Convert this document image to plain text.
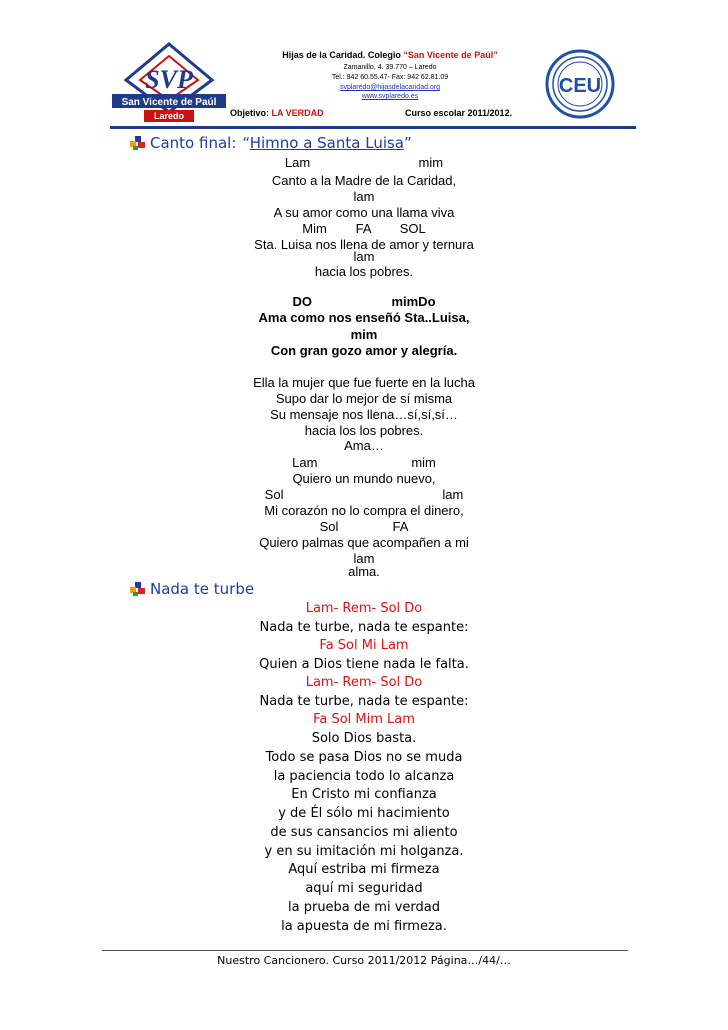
SVP
San Vicente de Paúl
Laredo
Hijas de la Caridad. Colegio “San Vicente de Paúl”
Zamanillo, 4. 39.770 – Laredo
Tel.: 942 60.55.47- Fax: 942 62.81.09
svplaredo@hijasdelacaridad.org
www.svplaredo.es
Objetivo: LA VERDAD	Curso escolar 2011/2012.
CEU
Canto final: “Himno a Santa Luisa”
Lam                              mim
Canto a la Madre de la Caridad,
lam
A su amor como una llama viva
Mim        FA        SOL
Sta. Luisa nos llena de amor y ternura
lam
hacia los pobres.
DO                      mimDo
Ama como nos enseñó Sta..Luisa,
mim
Con gran gozo amor y alegría.
Ella la mujer que fue fuerte en la lucha
Supo dar lo mejor de sí misma
Su mensaje nos llena…sí,sí,sí…
hacia los los pobres.
Ama…
Lam                          mim
Quiero un mundo nuevo,
Sol                                            lam
Mi corazón no lo compra el dinero,
Sol               FA
Quiero palmas que acompañen a mi
lam
alma.
Nada te turbe
Lam- Rem- Sol Do
Nada te turbe, nada te espante:
Fa Sol Mi Lam
Quien a Dios tiene nada le falta.
Lam- Rem- Sol Do
Nada te turbe, nada te espante:
Fa Sol Mim Lam
Solo Dios basta.
Todo se pasa Dios no se muda
la paciencia todo lo alcanza
En Cristo mi confianza
y de Él sólo mi hacimiento
de sus cansancios mi aliento
y en su imitación mi holganza.
Aquí estriba mi firmeza
aquí mi seguridad
la prueba de mi verdad
la apuesta de mi firmeza.
Nuestro Cancionero. Curso 2011/2012 Página…/44/…
